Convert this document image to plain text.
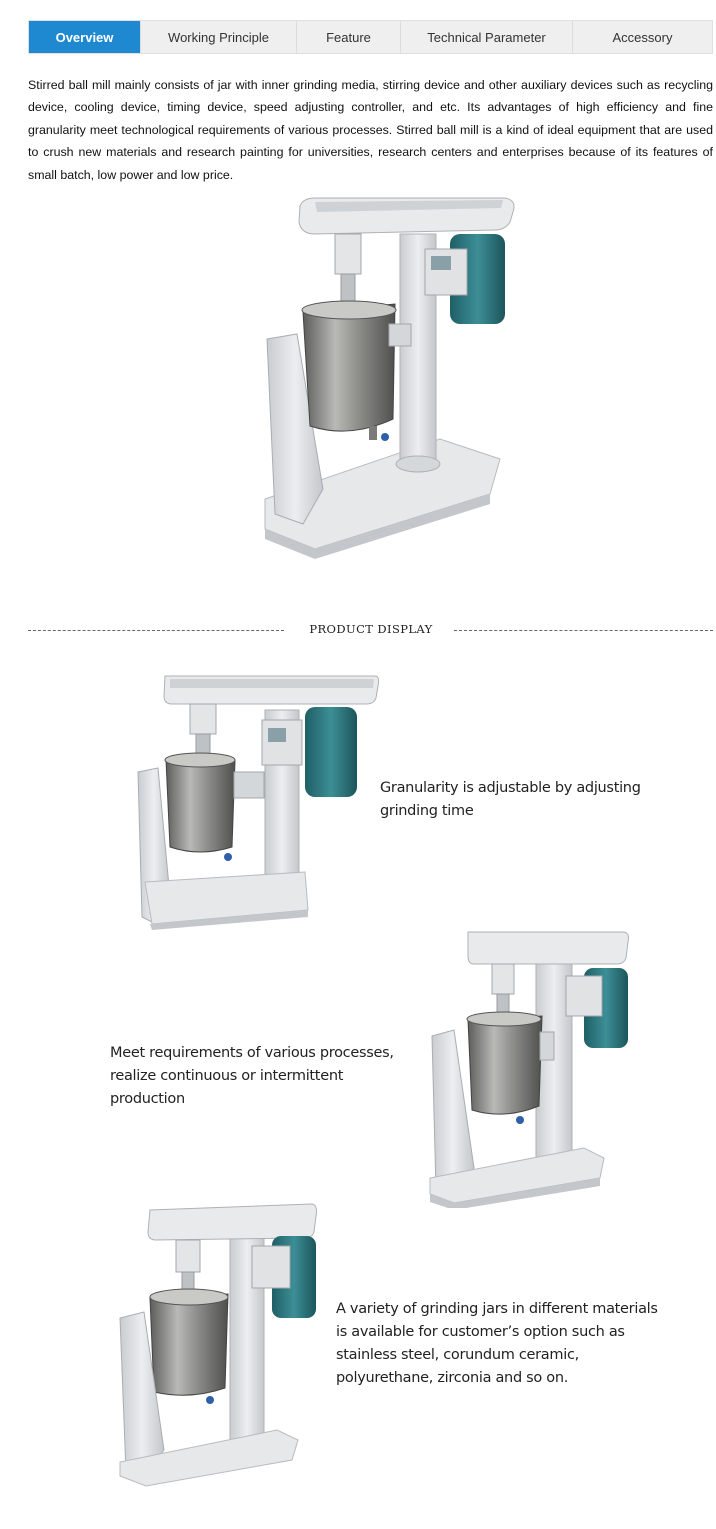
Overview	Working Principle	Feature	Technical Parameter	Accessory

Stirred ball mill mainly consists of jar with inner grinding media, stirring device and other auxiliary devices such as recycling device, cooling device, timing device, speed adjusting controller, and etc. Its advantages of high efficiency and fine granularity meet technological requirements of various processes. Stirred ball mill is a kind of ideal equipment that are used to crush new materials and research painting for universities, research centers and enterprises because of its features of small batch, low power and low price.

PRODUCT DISPLAY

Granularity is adjustable by adjusting grinding time

Meet requirements of various processes, realize continuous or intermittent production

A variety of grinding jars in different materials is available for customer’s option such as stainless steel, corundum ceramic, polyurethane, zirconia and so on.
